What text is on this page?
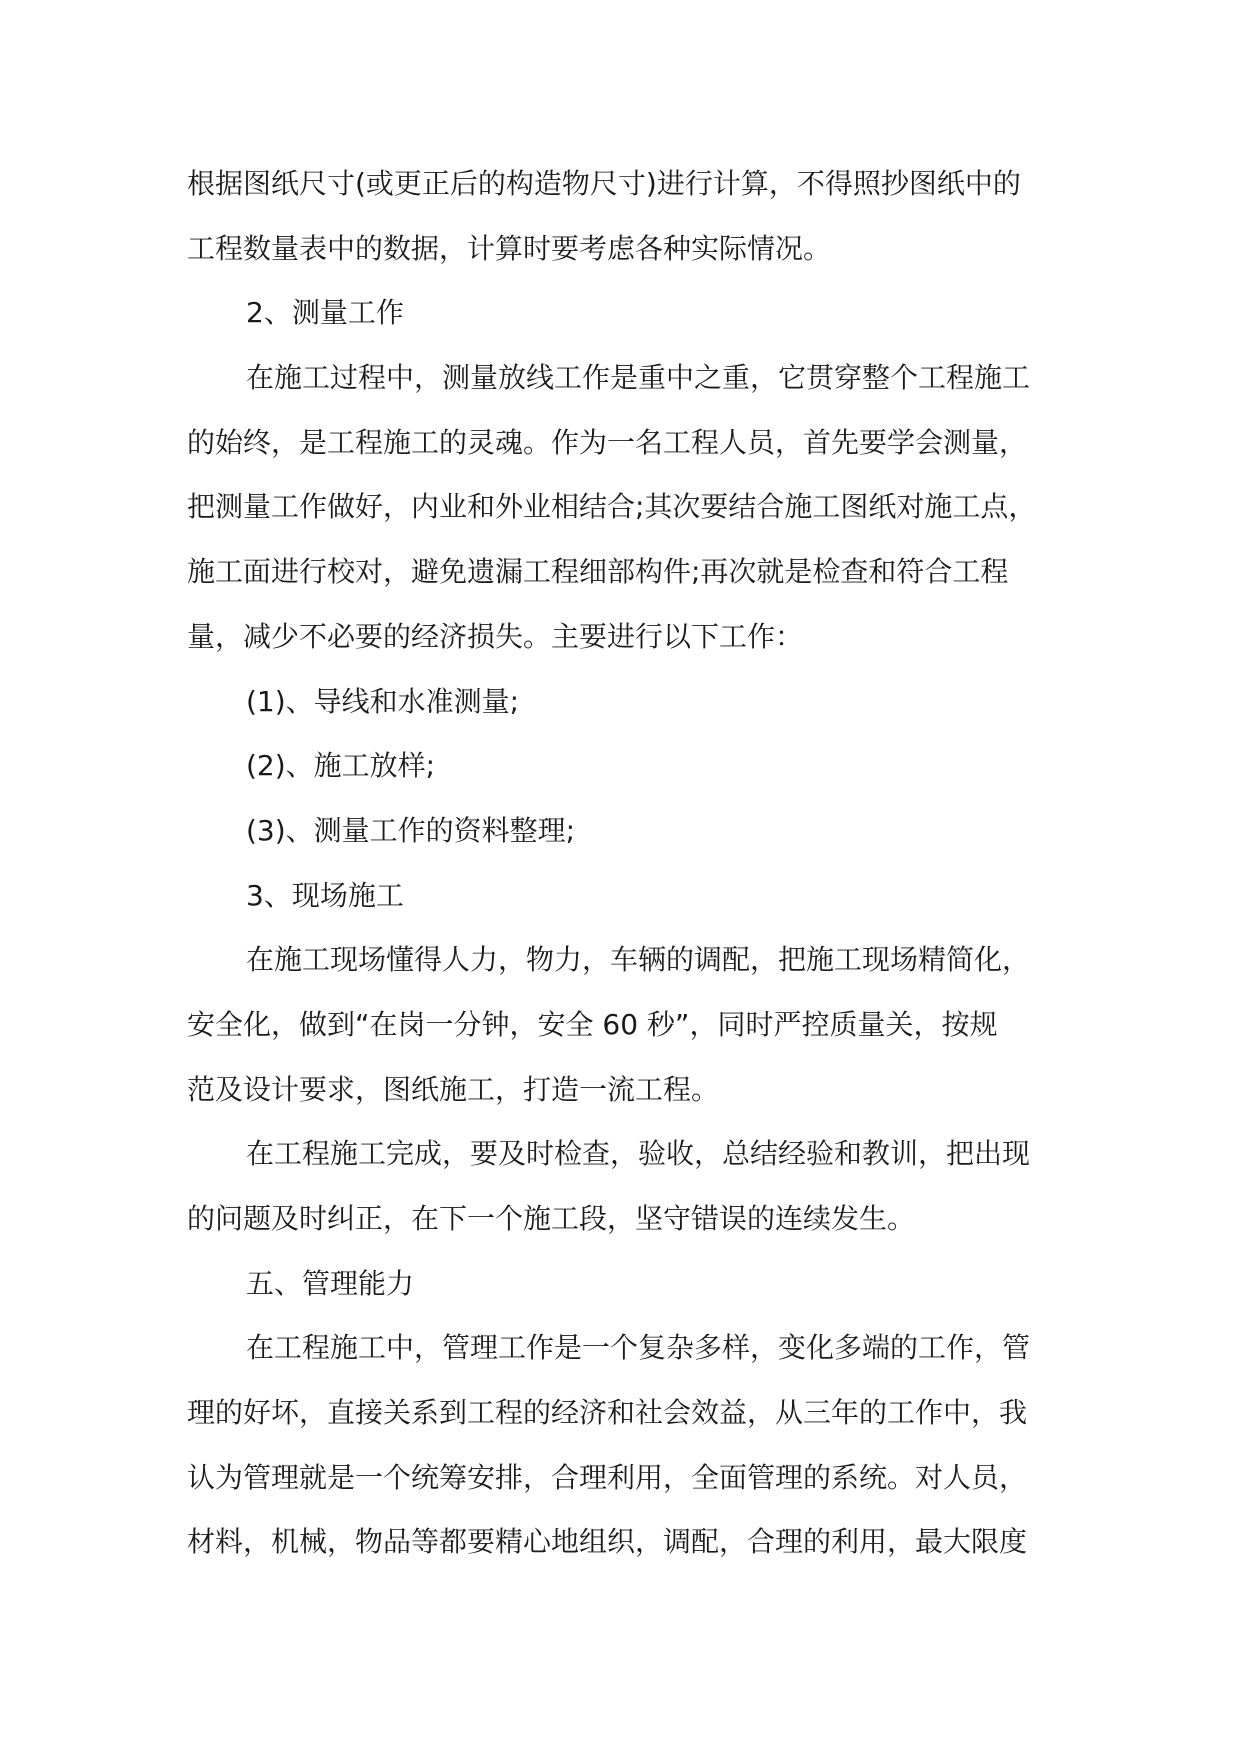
根据图纸尺寸(或更正后的构造物尺寸)进行计算，不得照抄图纸中的

工程数量表中的数据，计算时要考虑各种实际情况。

2、测量工作

在施工过程中，测量放线工作是重中之重，它贯穿整个工程施工

的始终，是工程施工的灵魂。作为一名工程人员，首先要学会测量，

把测量工作做好，内业和外业相结合;其次要结合施工图纸对施工点，

施工面进行校对，避免遗漏工程细部构件;再次就是检查和符合工程

量，减少不必要的经济损失。主要进行以下工作：

(1)、导线和水准测量;

(2)、施工放样;

(3)、测量工作的资料整理;

3、现场施工

在施工现场懂得人力，物力，车辆的调配，把施工现场精简化，

安全化，做到“在岗一分钟，安全 60 秒”，同时严控质量关，按规

范及设计要求，图纸施工，打造一流工程。

在工程施工完成，要及时检查，验收，总结经验和教训，把出现

的问题及时纠正，在下一个施工段，坚守错误的连续发生。

五、管理能力

在工程施工中，管理工作是一个复杂多样，变化多端的工作，管

理的好坏，直接关系到工程的经济和社会效益，从三年的工作中，我

认为管理就是一个统筹安排，合理利用，全面管理的系统。对人员，

材料，机械，物品等都要精心地组织，调配，合理的利用，最大限度
